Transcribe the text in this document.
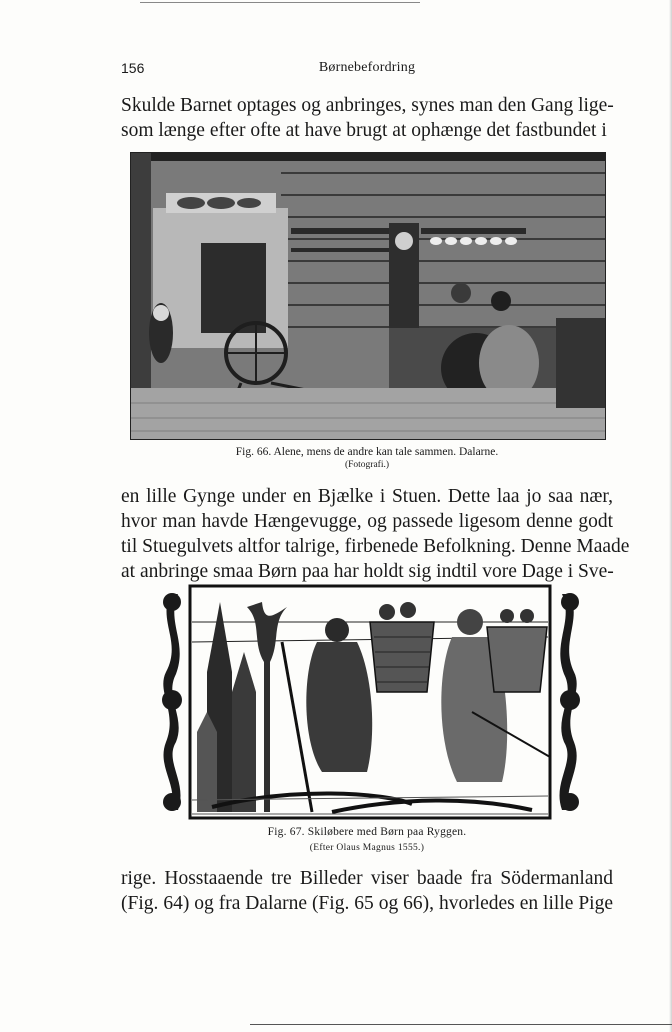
156	Børnebefordring
Skulde Barnet optages og anbringes, synes man den Gang lige-
som længe efter ofte at have brugt at ophænge det fastbundet i
Fig. 66. Alene, mens de andre kan tale sammen. Dalarne.
(Fotografi.)
en lille Gynge under en Bjælke i Stuen. Dette laa jo saa nær,
hvor man havde Hængevugge, og passede ligesom denne godt
til Stuegulvets altfor talrige, firbenede Befolkning. Denne Maade
at anbringe smaa Børn paa har holdt sig indtil vore Dage i Sve-
Fig. 67. Skiløbere med Børn paa Ryggen.
(Efter Olaus Magnus 1555.)
rige. Hosstaaende tre Billeder viser baade fra Södermanland
(Fig. 64) og fra Dalarne (Fig. 65 og 66), hvorledes en lille Pige
